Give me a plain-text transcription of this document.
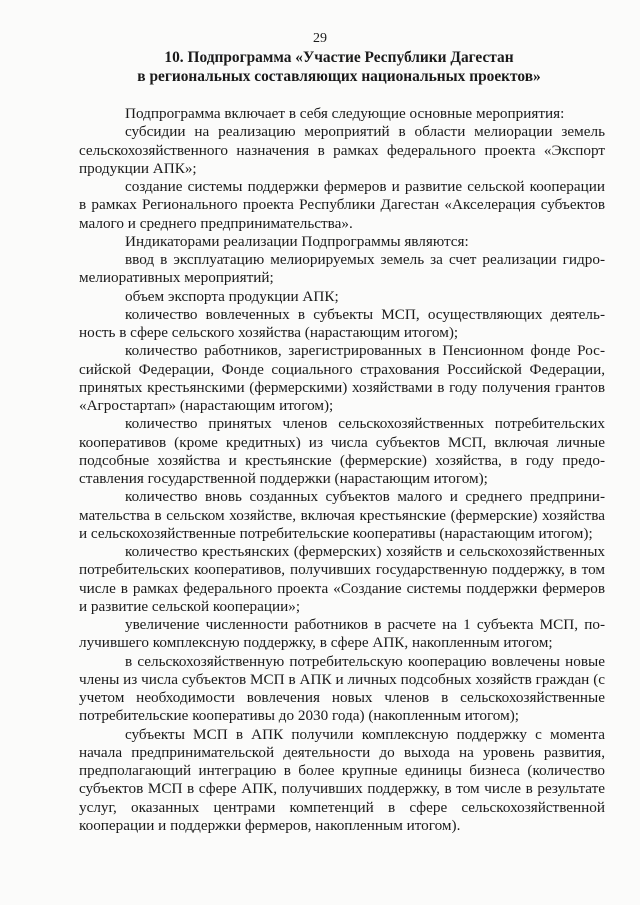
29
10. Подпрограмма «Участие Республики Дагестан
в региональных составляющих национальных проектов»

Подпрограмма включает в себя следующие основные мероприятия:

субсидии на реализацию мероприятий в области мелиорации земель сельскохозяйственного назначения в рамках федерального проекта «Экспорт продукции АПК»;

создание системы поддержки фермеров и развитие сельской кооперации в рамках Регионального проекта Республики Дагестан «Акселерация субъектов малого и среднего предпринимательства».

Индикаторами реализации Подпрограммы являются:

ввод в эксплуатацию мелиорируемых земель за счет реализации гидромелиоративных мероприятий;

объем экспорта продукции АПК;

количество вовлеченных в субъекты МСП, осуществляющих деятельность в сфере сельского хозяйства (нарастающим итогом);

количество работников, зарегистрированных в Пенсионном фонде Российской Федерации, Фонде социального страхования Российской Федерации, принятых крестьянскими (фермерскими) хозяйствами в году получения грантов «Агростартап» (нарастающим итогом);

количество принятых членов сельскохозяйственных потребительских кооперативов (кроме кредитных) из числа субъектов МСП, включая личные подсобные хозяйства и крестьянские (фермерские) хозяйства, в году предоставления государственной поддержки (нарастающим итогом);

количество вновь созданных субъектов малого и среднего предпринимательства в сельском хозяйстве, включая крестьянские (фермерские) хозяйства и сельскохозяйственные потребительские кооперативы (нарастающим итогом);

количество крестьянских (фермерских) хозяйств и сельскохозяйственных потребительских кооперативов, получивших государственную поддержку, в том числе в рамках федерального проекта «Создание системы поддержки фермеров и развитие сельской кооперации»;

увеличение численности работников в расчете на 1 субъекта МСП, получившего комплексную поддержку, в сфере АПК, накопленным итогом;

в сельскохозяйственную потребительскую кооперацию вовлечены новые члены из числа субъектов МСП в АПК и личных подсобных хозяйств граждан (с учетом необходимости вовлечения новых членов в сельскохозяйственные потребительские кооперативы до 2030 года) (накопленным итогом);

субъекты МСП в АПК получили комплексную поддержку с момента начала предпринимательской деятельности до выхода на уровень развития, предполагающий интеграцию в более крупные единицы бизнеса (количество субъектов МСП в сфере АПК, получивших поддержку, в том числе в результате услуг, оказанных центрами компетенций в сфере сельскохозяйственной кооперации и поддержки фермеров, накопленным итогом).
